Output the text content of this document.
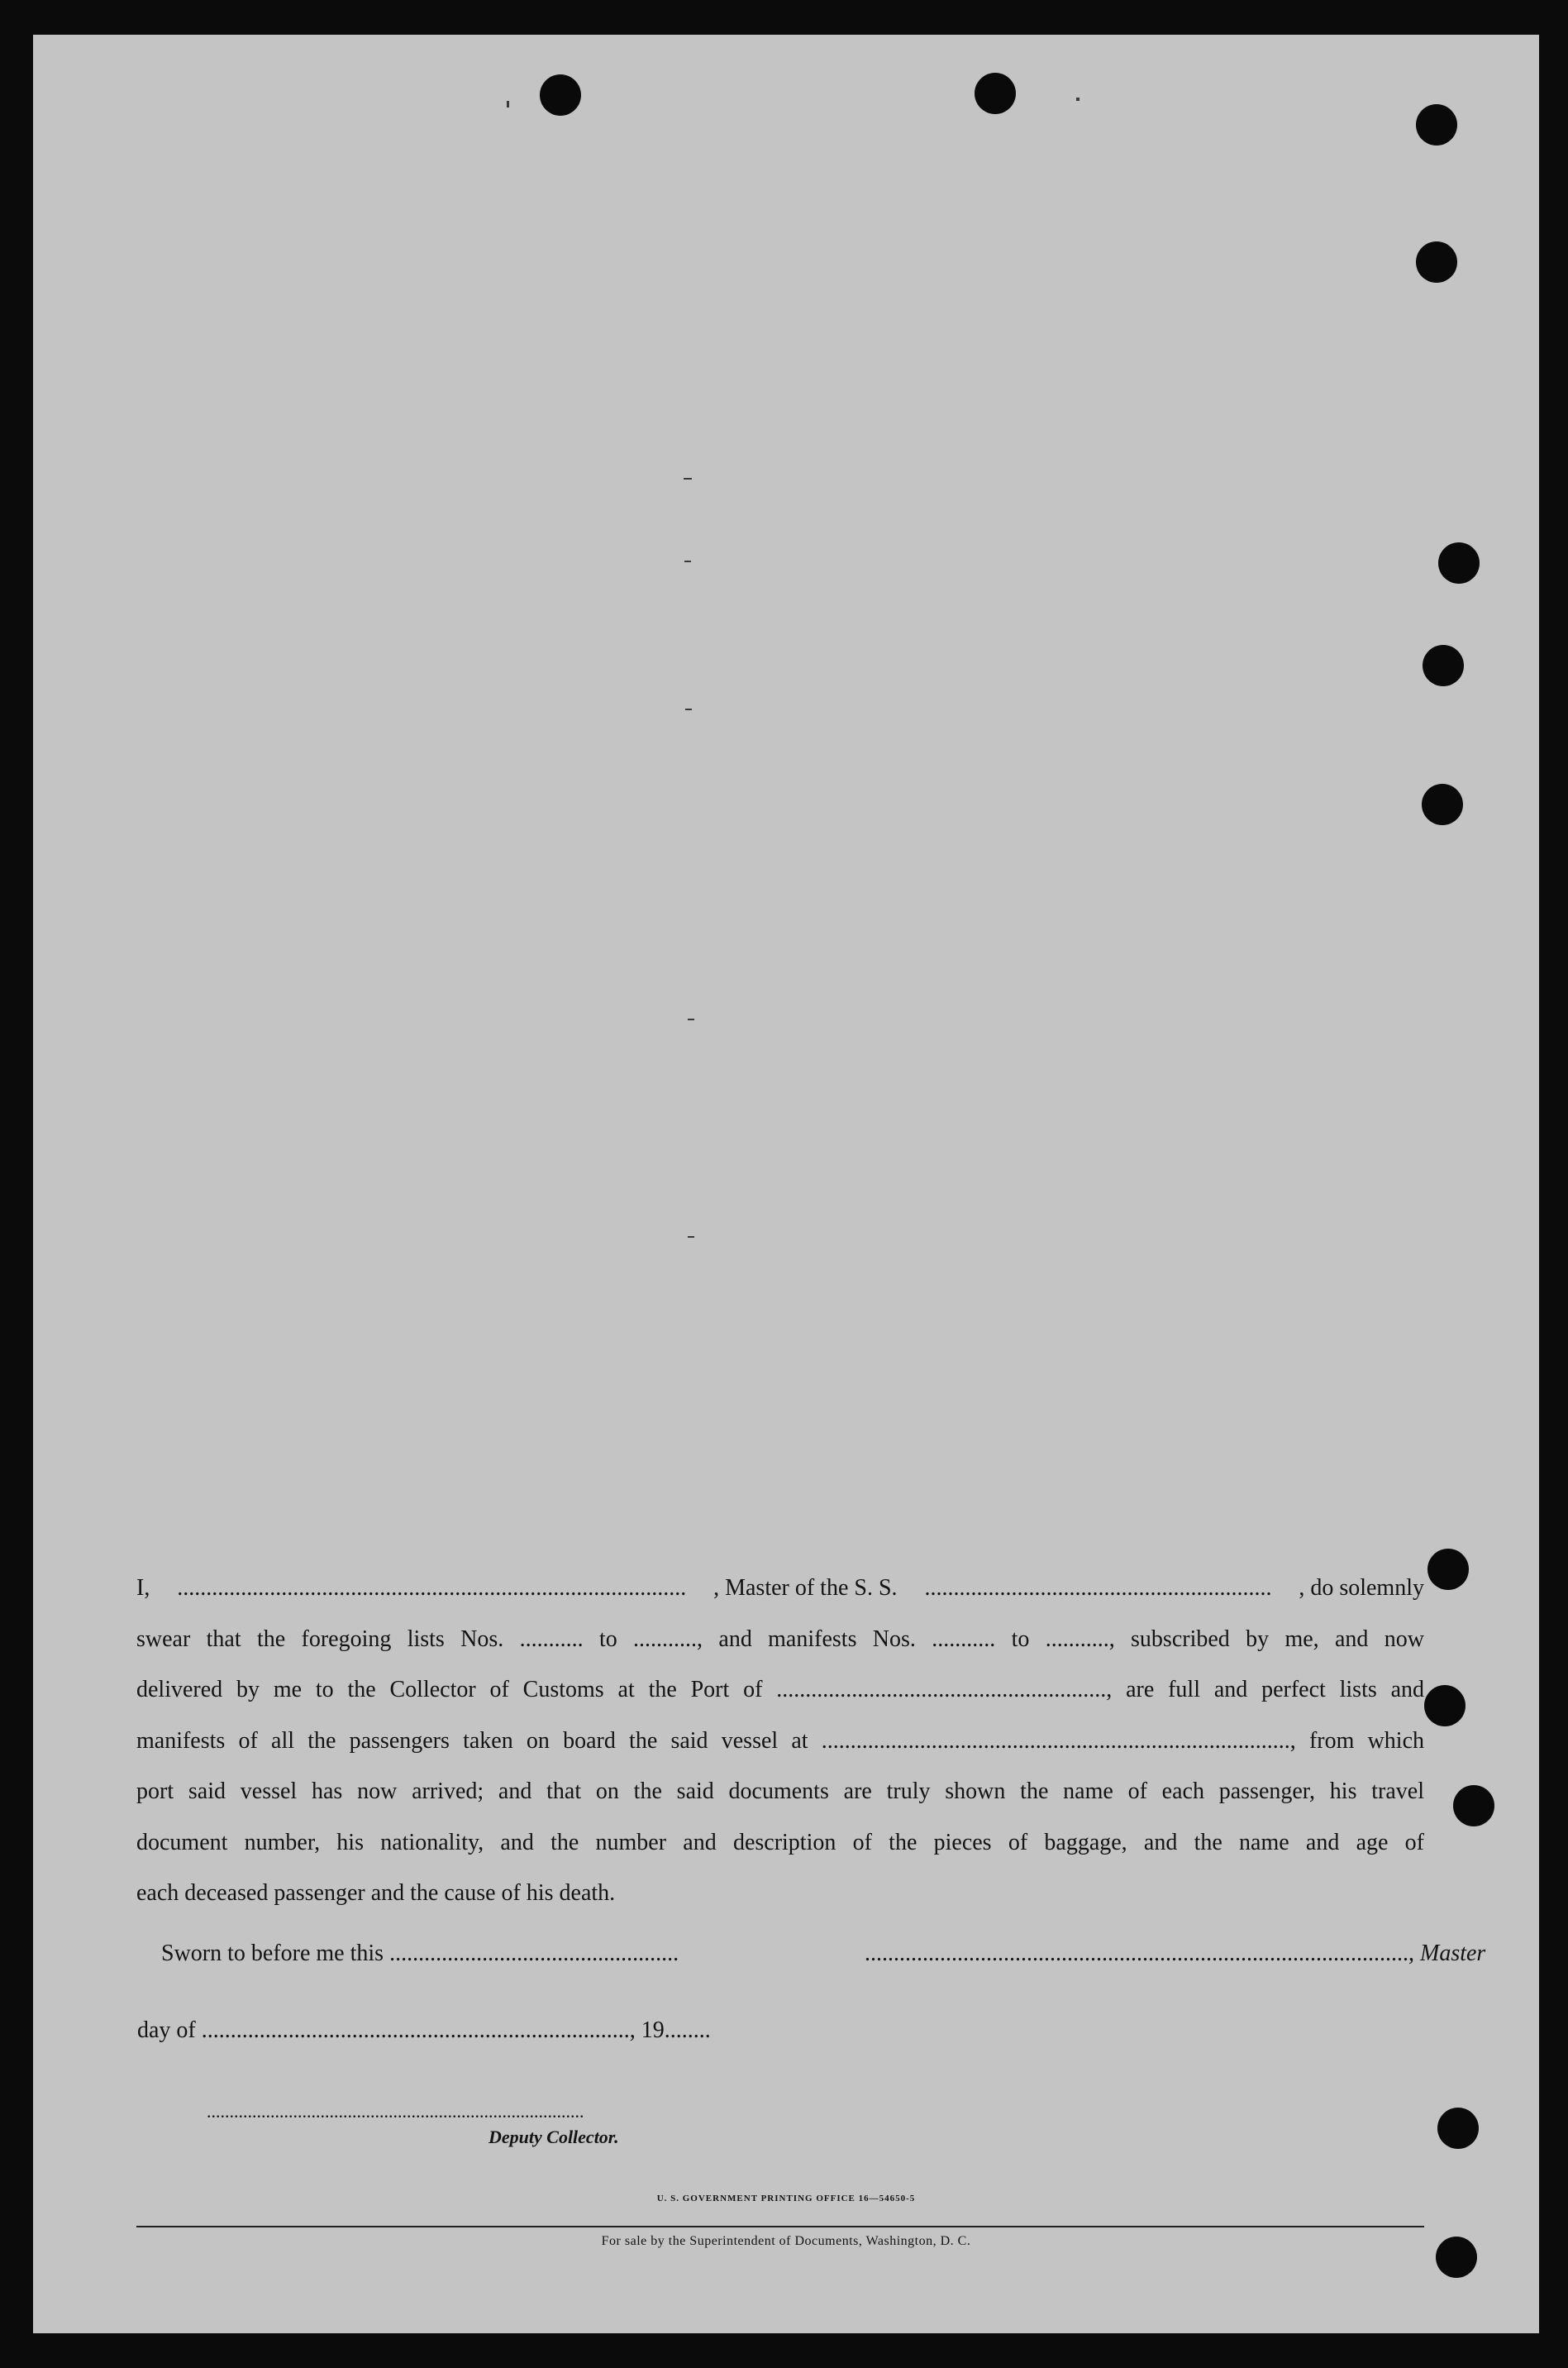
I, ........................................................................................ , Master of the S. S. ............................................................ , do solemnly
swear that the foregoing lists Nos. ........... to ..........., and manifests Nos. ........... to ..........., subscribed by me, and now
delivered by me to the Collector of Customs at the Port of ........................................................., are full and perfect lists and
manifests of all the passengers taken on board the said vessel at ................................................................................., from which
port said vessel has now arrived; and that on the said documents are truly shown the name of each passenger, his travel
document number, his nationality, and the number and description of the pieces of baggage, and the name and age of
each deceased passenger and the cause of his death.
Sworn to before me this ..................................................	.............................................................................................., Master
day of .........................................................................., 19........
...................................................................................
Deputy Collector.
U. S. GOVERNMENT PRINTING OFFICE 16—54650-5
For sale by the Superintendent of Documents, Washington, D. C.
